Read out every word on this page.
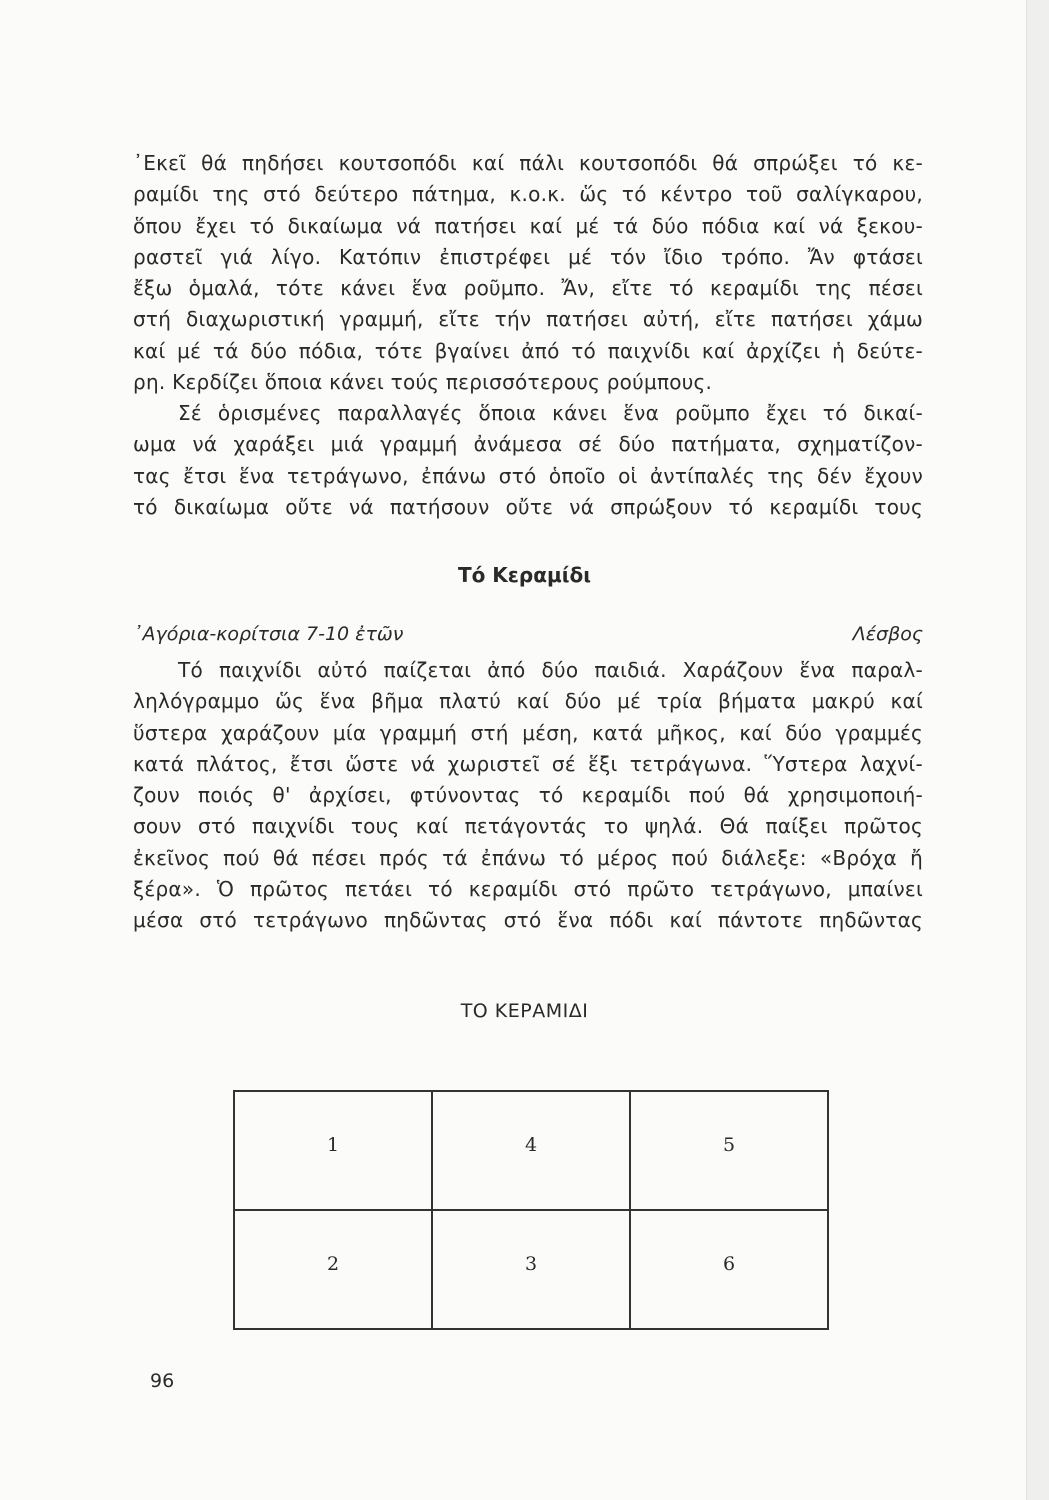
᾿Εκεῖ θά πηδήσει κουτσοπόδι καί πάλι κουτσοπόδι θά σπρώξει τό κε-
ραμίδι της στό δεύτερο πάτημα, κ.ο.κ. ὥς τό κέντρο τοῦ σαλίγκαρου,
ὅπου ἔχει τό δικαίωμα νά πατήσει καί μέ τά δύο πόδια καί νά ξεκου-
ραστεῖ γιά λίγο. Κατόπιν ἐπιστρέφει μέ τόν ἴδιο τρόπο. Ἄν φτάσει
ἔξω ὁμαλά, τότε κάνει ἕνα ροῦμπο. Ἄν, εἴτε τό κεραμίδι της πέσει
στή διαχωριστική γραμμή, εἴτε τήν πατήσει αὐτή, εἴτε πατήσει χάμω
καί μέ τά δύο πόδια, τότε βγαίνει ἀπό τό παιχνίδι καί ἀρχίζει ἡ δεύτε-
ρη. Κερδίζει ὅποια κάνει τούς περισσότερους ρούμπους.
Σέ ὁρισμένες παραλλαγές ὅποια κάνει ἕνα ροῦμπο ἔχει τό δικαί-
ωμα νά χαράξει μιά γραμμή ἀνάμεσα σέ δύο πατήματα, σχηματίζον-
τας ἔτσι ἕνα τετράγωνο, ἐπάνω στό ὁποῖο οἱ ἀντίπαλές της δέν ἔχουν
τό δικαίωμα οὔτε νά πατήσουν οὔτε νά σπρώξουν τό κεραμίδι τους
Τό Κεραμίδι
᾿Αγόρια-κορίτσια 7-10 ἐτῶν	Λέσβος
Τό παιχνίδι αὐτό παίζεται ἀπό δύο παιδιά. Χαράζουν ἕνα παραλ-
ληλόγραμμο ὥς ἕνα βῆμα πλατύ καί δύο μέ τρία βήματα μακρύ καί
ὕστερα χαράζουν μία γραμμή στή μέση, κατά μῆκος, καί δύο γραμμές
κατά πλάτος, ἔτσι ὥστε νά χωριστεῖ σέ ἕξι τετράγωνα. Ὕστερα λαχνί-
ζουν ποιός θ' ἀρχίσει, φτύνοντας τό κεραμίδι πού θά χρησιμοποιή-
σουν στό παιχνίδι τους καί πετάγοντάς το ψηλά. Θά παίξει πρῶτος
ἐκεῖνος πού θά πέσει πρός τά ἐπάνω τό μέρος πού διάλεξε: «Βρόχα ἤ
ξέρα». Ὁ πρῶτος πετάει τό κεραμίδι στό πρῶτο τετράγωνο, μπαίνει
μέσα στό τετράγωνο πηδῶντας στό ἕνα πόδι καί πάντοτε πηδῶντας
ΤΟ ΚΕΡΑΜΙΔΙ
1	4	5
2	3	6
96
